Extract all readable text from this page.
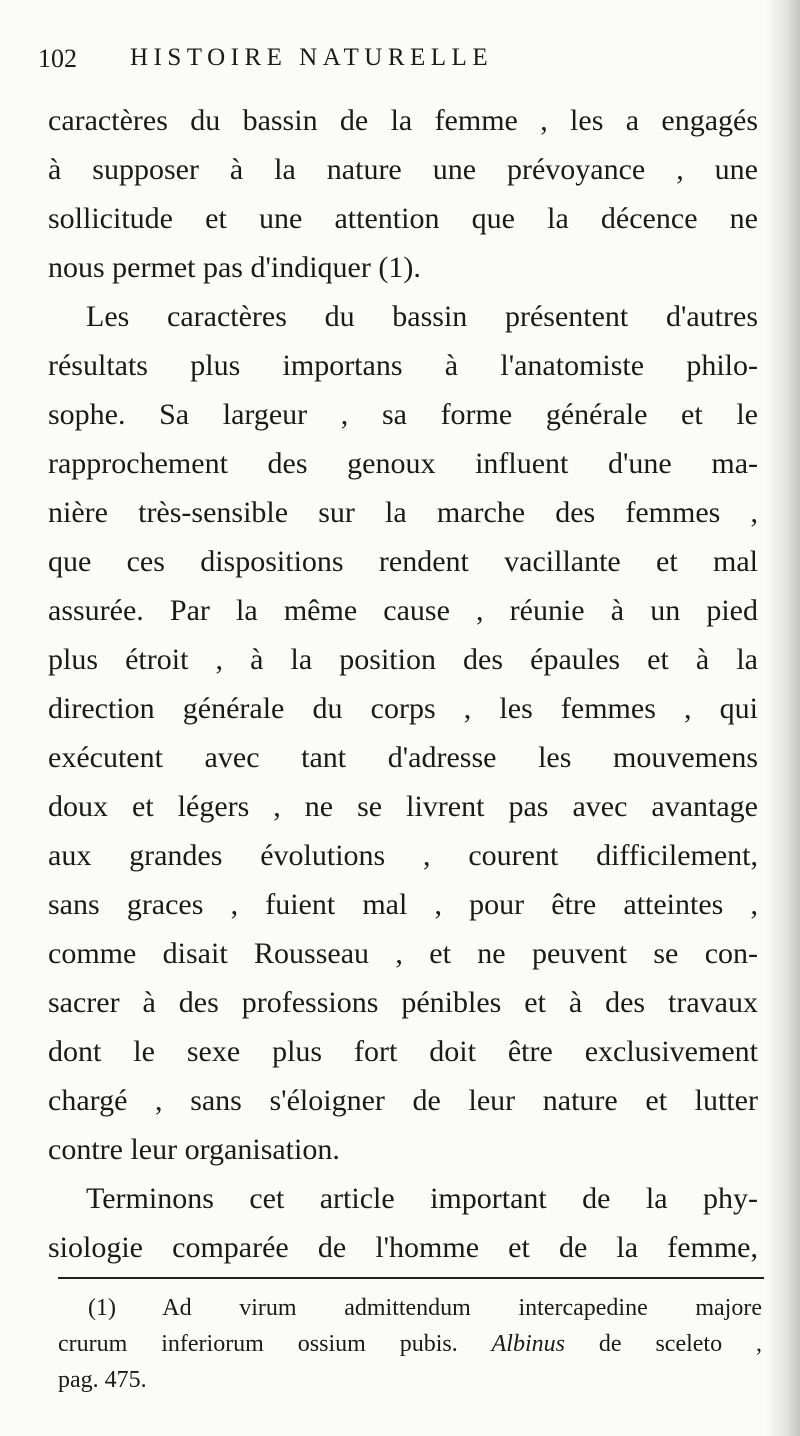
102 HISTOIRE NATURELLE
caractères du bassin de la femme , les a engagés
à supposer à la nature une prévoyance , une
sollicitude et une attention que la décence ne
nous permet pas d'indiquer (1).
Les caractères du bassin présentent d'autres
résultats plus importans à l'anatomiste philo-
sophe. Sa largeur , sa forme générale et le
rapprochement des genoux influent d'une ma-
nière très-sensible sur la marche des femmes ,
que ces dispositions rendent vacillante et mal
assurée. Par la même cause , réunie à un pied
plus étroit , à la position des épaules et à la
direction générale du corps , les femmes , qui
exécutent avec tant d'adresse les mouvemens
doux et légers , ne se livrent pas avec avantage
aux grandes évolutions , courent difficilement,
sans graces , fuient mal , pour être atteintes ,
comme disait Rousseau , et ne peuvent se con-
sacrer à des professions pénibles et à des travaux
dont le sexe plus fort doit être exclusivement
chargé , sans s'éloigner de leur nature et lutter
contre leur organisation.
Terminons cet article important de la phy-
siologie comparée de l'homme et de la femme,
(1) Ad virum admittendum intercapedine majore
crurum inferiorum ossium pubis. Albinus de sceleto ,
pag. 475.
